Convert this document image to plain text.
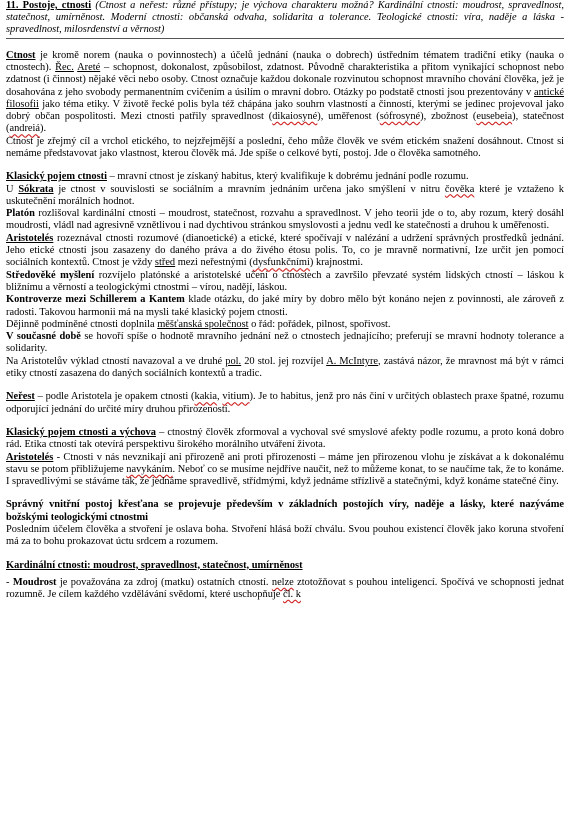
11. Postoje, ctnosti (Ctnost a neřest: různé přístupy; je výchova charakteru možná? Kardinální ctnosti: moudrost, spravedlnost, statečnost, umírněnost. Moderní ctnosti: občanská odvaha, solidarita a tolerance. Teologické ctnosti: víra, naděje a láska - spravedlnost, milosrdenství a věrnost)

Ctnost je kromě norem (nauka o povinnostech) a účelů jednání (nauka o dobrech) ústředním tématem tradiční etiky (nauka o ctnostech). Řec. Areté – schopnost, dokonalost, způsobilost, zdatnost. Původně charakteristika a přitom vynikající schopnost nebo zdatnost (i činnost) nějaké věci nebo osoby. Ctnost označuje každou dokonale rozvinutou schopnost mravního chování člověka, jež je dosahována z jeho svobody permanentním cvičením a úsilím o mravní dobro. Otázky po podstatě ctnosti jsou prezentovány v antické filosofii jako téma etiky. V životě řecké polis byla též chápána jako souhrn vlastností a činností, kterými se jedinec projevoval jako dobrý občan pospolitosti. Mezi ctnosti patřily spravedlnost (dikaiosyné), uměřenost (sófrosyné), zbožnost (eusebeia), statečnost (andreiá).

Ctnost je zřejmý cíl a vrchol etického, to nejzřejmější a poslední, čeho může člověk ve svém etickém snažení dosáhnout. Ctnost si nemáme představovat jako vlastnost, kterou člověk má. Jde spíše o celkové bytí, postoj. Jde o člověka samotného.

Klasický pojem ctnosti – mravní ctnost je získaný habitus, který kvalifikuje k dobrému jednání podle rozumu.

U Sókrata je ctnost v souvislosti se sociálním a mravním jednáním určena jako smýšlení v nitru čověka které je vztaženo k uskutečnění morálních hodnot.

Platón rozlišoval kardinální ctnosti – moudrost, statečnost, rozvahu a spravedlnost. V jeho teorii jde o to, aby rozum, který dosáhl moudrosti, vládl nad agresivně vznětlivou i nad dychtivou stránkou smyslovosti a jednu vedl ke statečnosti a druhou k uměřenosti.

Aristotelés rozeznával ctnosti rozumové (dianoetické) a etické, které spočívají v nalézání a udržení správných prostředků jednání. Jeho etické ctnosti jsou zasazeny do daného práva a do živého étosu polis. To, co je mravně normativní, Ize určit jen pomocí sociálních kontextů. Ctnost je vždy střed mezi neřestnými (dysfunkčními) krajnostmi.

Středověké myšlení rozvíjelo platónské a aristotelské učení o ctnostech a završilo převzaté systém lidských ctností – láskou k bližnímu a věrností a teologickými ctnostmi – vírou, nadějí, láskou.

Kontroverze mezi Schillerem a Kantem klade otázku, do jaké míry by dobro mělo být konáno nejen z povinnosti, ale zároveň z radosti. Takovou harmonii má na mysli také klasický pojem ctnosti.

Dějinně podmíněné ctnosti doplnila měšťanská společnost o řád: pořádek, pilnost, spořivost.

V současné době se hovoří spíše o hodnotě mravního jednání než o ctnostech jednajícího; preferují se mravní hodnoty tolerance a solidarity.

Na Aristotelův výklad ctností navazoval a ve druhé pol. 20 stol. jej rozvíjel A. McIntyre, zastává názor, že mravnost má být v rámci etiky ctností zasazena do daných sociálních kontextů a tradic.

Neřest – podle Aristotela je opakem ctnosti (kakia, vitium). Je to habitus, jenž pro nás činí v určitých oblastech praxe špatné, rozumu odporující jednání do určité míry druhou přirozeností.

Klasický pojem ctnosti a výchova – ctnostný člověk zformoval a vychoval své smyslové afekty podle rozumu, a proto koná dobro rád. Etika ctností tak otevírá perspektivu širokého morálního utváření života.

Aristotelés - Ctnosti v nás nevznikají ani přirozeně ani proti přirozenosti – máme jen přirozenou vlohu je získávat a k dokonalému stavu se potom přibližujeme navykáním. Neboť co se musíme nejdříve naučit, než to můžeme konat, to se naučíme tak, že to konáme. I spravedlivými se stáváme tak, že jednáme spravedlivě, střídmými, když jednáme střízlivě a statečnými, když konáme statečné činy.

Správný vnitřní postoj křesťana se projevuje především v základních postojích víry, naděje a lásky, které nazýváme božskými teologickými ctnostmi

Posledním účelem člověka a stvoření je oslava boha. Stvoření hlásá boží chválu. Svou pouhou existencí člověk jako koruna stvoření má za to bohu prokazovat úctu srdcem a rozumem.

Kardinální ctnosti: moudrost, spravedlnost, statečnost, umírněnost

- Moudrost je považována za zdroj (matku) ostatních ctností. nelze ztotožňovat s pouhou inteligencí. Spočívá ve schopnosti jednat rozumně. Je cílem každého vzdělávání svědomí, které uschopňuje čl. k
